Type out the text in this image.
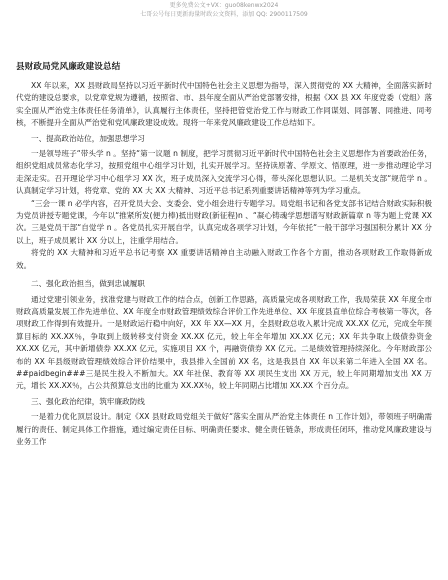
更多免费公文+VX：guo08kenwx2024
七哥公号每日更新海量时政公文资料，添加 QQ: 2900117509
县财政局党风廉政建设总结

XX 年以来，XX 县财政局坚持以习近平新时代中国特色社会主义思想为指导，深入贯彻党的 XX 大精神，全面落实新时代党的建设总要求，以党章党规为遵循，按照省、市、县年度全面从严治党部署安排，根据《XX 县 XX 年度党委（党组）落实全面从严治党主体责任任务清单》，认真履行主体责任，坚持把管党治党工作与财政工作同谋划、同部署、同推进、同考核，不断提升全面从严治党和党风廉政建设成效。现将一年来党风廉政建设工作总结如下。

一、提高政治站位，加强思想学习

一是领导班子“带头学 n 。坚持“第一议题 n 制度，把学习贯彻习近平新时代中国特色社会主义思想作为首要政治任务，组织党组成员常态化学习，按照党组中心组学习计划，扎实开展学习。坚持读原著、学原文、悟原理，进一步推动理论学习走深走实。召开理论学习中心组学习 XX 次，班子成员深入交流学习心得，带头深化思想认识。二是机关支部“规范学 n 。认真制定学习计划，将党章、党的 XX 大 XX 大精神、习近平总书记系列重要讲话精神等列为学习重点。

“三会一课 n 必学内容，召开党员大会、支委会、党小组会进行专题学习。局党组书记和各党支部书记结合财政实际积极为党员讲授专题党课，今年以“推紧所发(便力棒)抵出财政(新征程)n 、“凝心铸魂学思想谱写财政新篇章 n 等为题上党课 XX 次。三是党员干部“自觉学 n 。各党员扎实开展自学，认真完成各项学习计划，今年依托“一般干部学习强国积分累计 XX 分以上，班子成员累计 XX 分以上，注重学用结合。

将党的 XX 大精神和习近平总书记考察 XX 重要讲话精神自主动融入财政工作各个方面，推动各项财政工作取得新成效。

二、强化政治担当，做到忠诚履职

通过党建引领业务，找准党建与财政工作的结合点，创新工作思路，高质量完成各项财政工作，我局荣获 XX 年度全市财政高质量发展工作先进单位、XX 年度全市财政管理绩效综合评价工作先进单位、XX 年度县直单位综合考核第一等次，各项财政工作得到有效提升。一是财政运行稳中向好，XX 年 XX—XX 月，全县财政总收入累计完成 XX.XX 亿元，完成全年预算目标的 XX.XX％，争取到上级转移支付资金 XX.XX 亿元，较上年全年增加 XX.XX 亿元；XX 年共争取上级债券资金 XX.XX 亿元，其中新增债券 XX.XX 亿元，实施项目 XX 个，再融资债券 XX 亿元。二是绩效管理持续深化。今年财政部公布的 XX 年县级财政管理绩效综合评价结果中，我县排入全国前 XX 名，这是我县自 XX 年以来第二年进入全国 XX 名。##paidbegin###三是民生投入不断加大。XX 年社保、教育等 XX 项民生支出 XX 万元，较上年同期增加支出 XX 万元，增长 XX.XX％，占公共预算总支出的比重为 XX.XX％，较上年同期占比增加 XX.XX 个百分点。

三、强化政治纪律，筑牢廉政防线

一是着力优化顶层设计。制定《XX 县财政局党组关于做好“落实全面从严治党主体责任 n 工作计划》，带领班子明确需履行的责任、制定具体工作措施，通过编定责任目标、明确责任要求、健全责任链条，形成责任闭环，推动党风廉政建设与业务工作
